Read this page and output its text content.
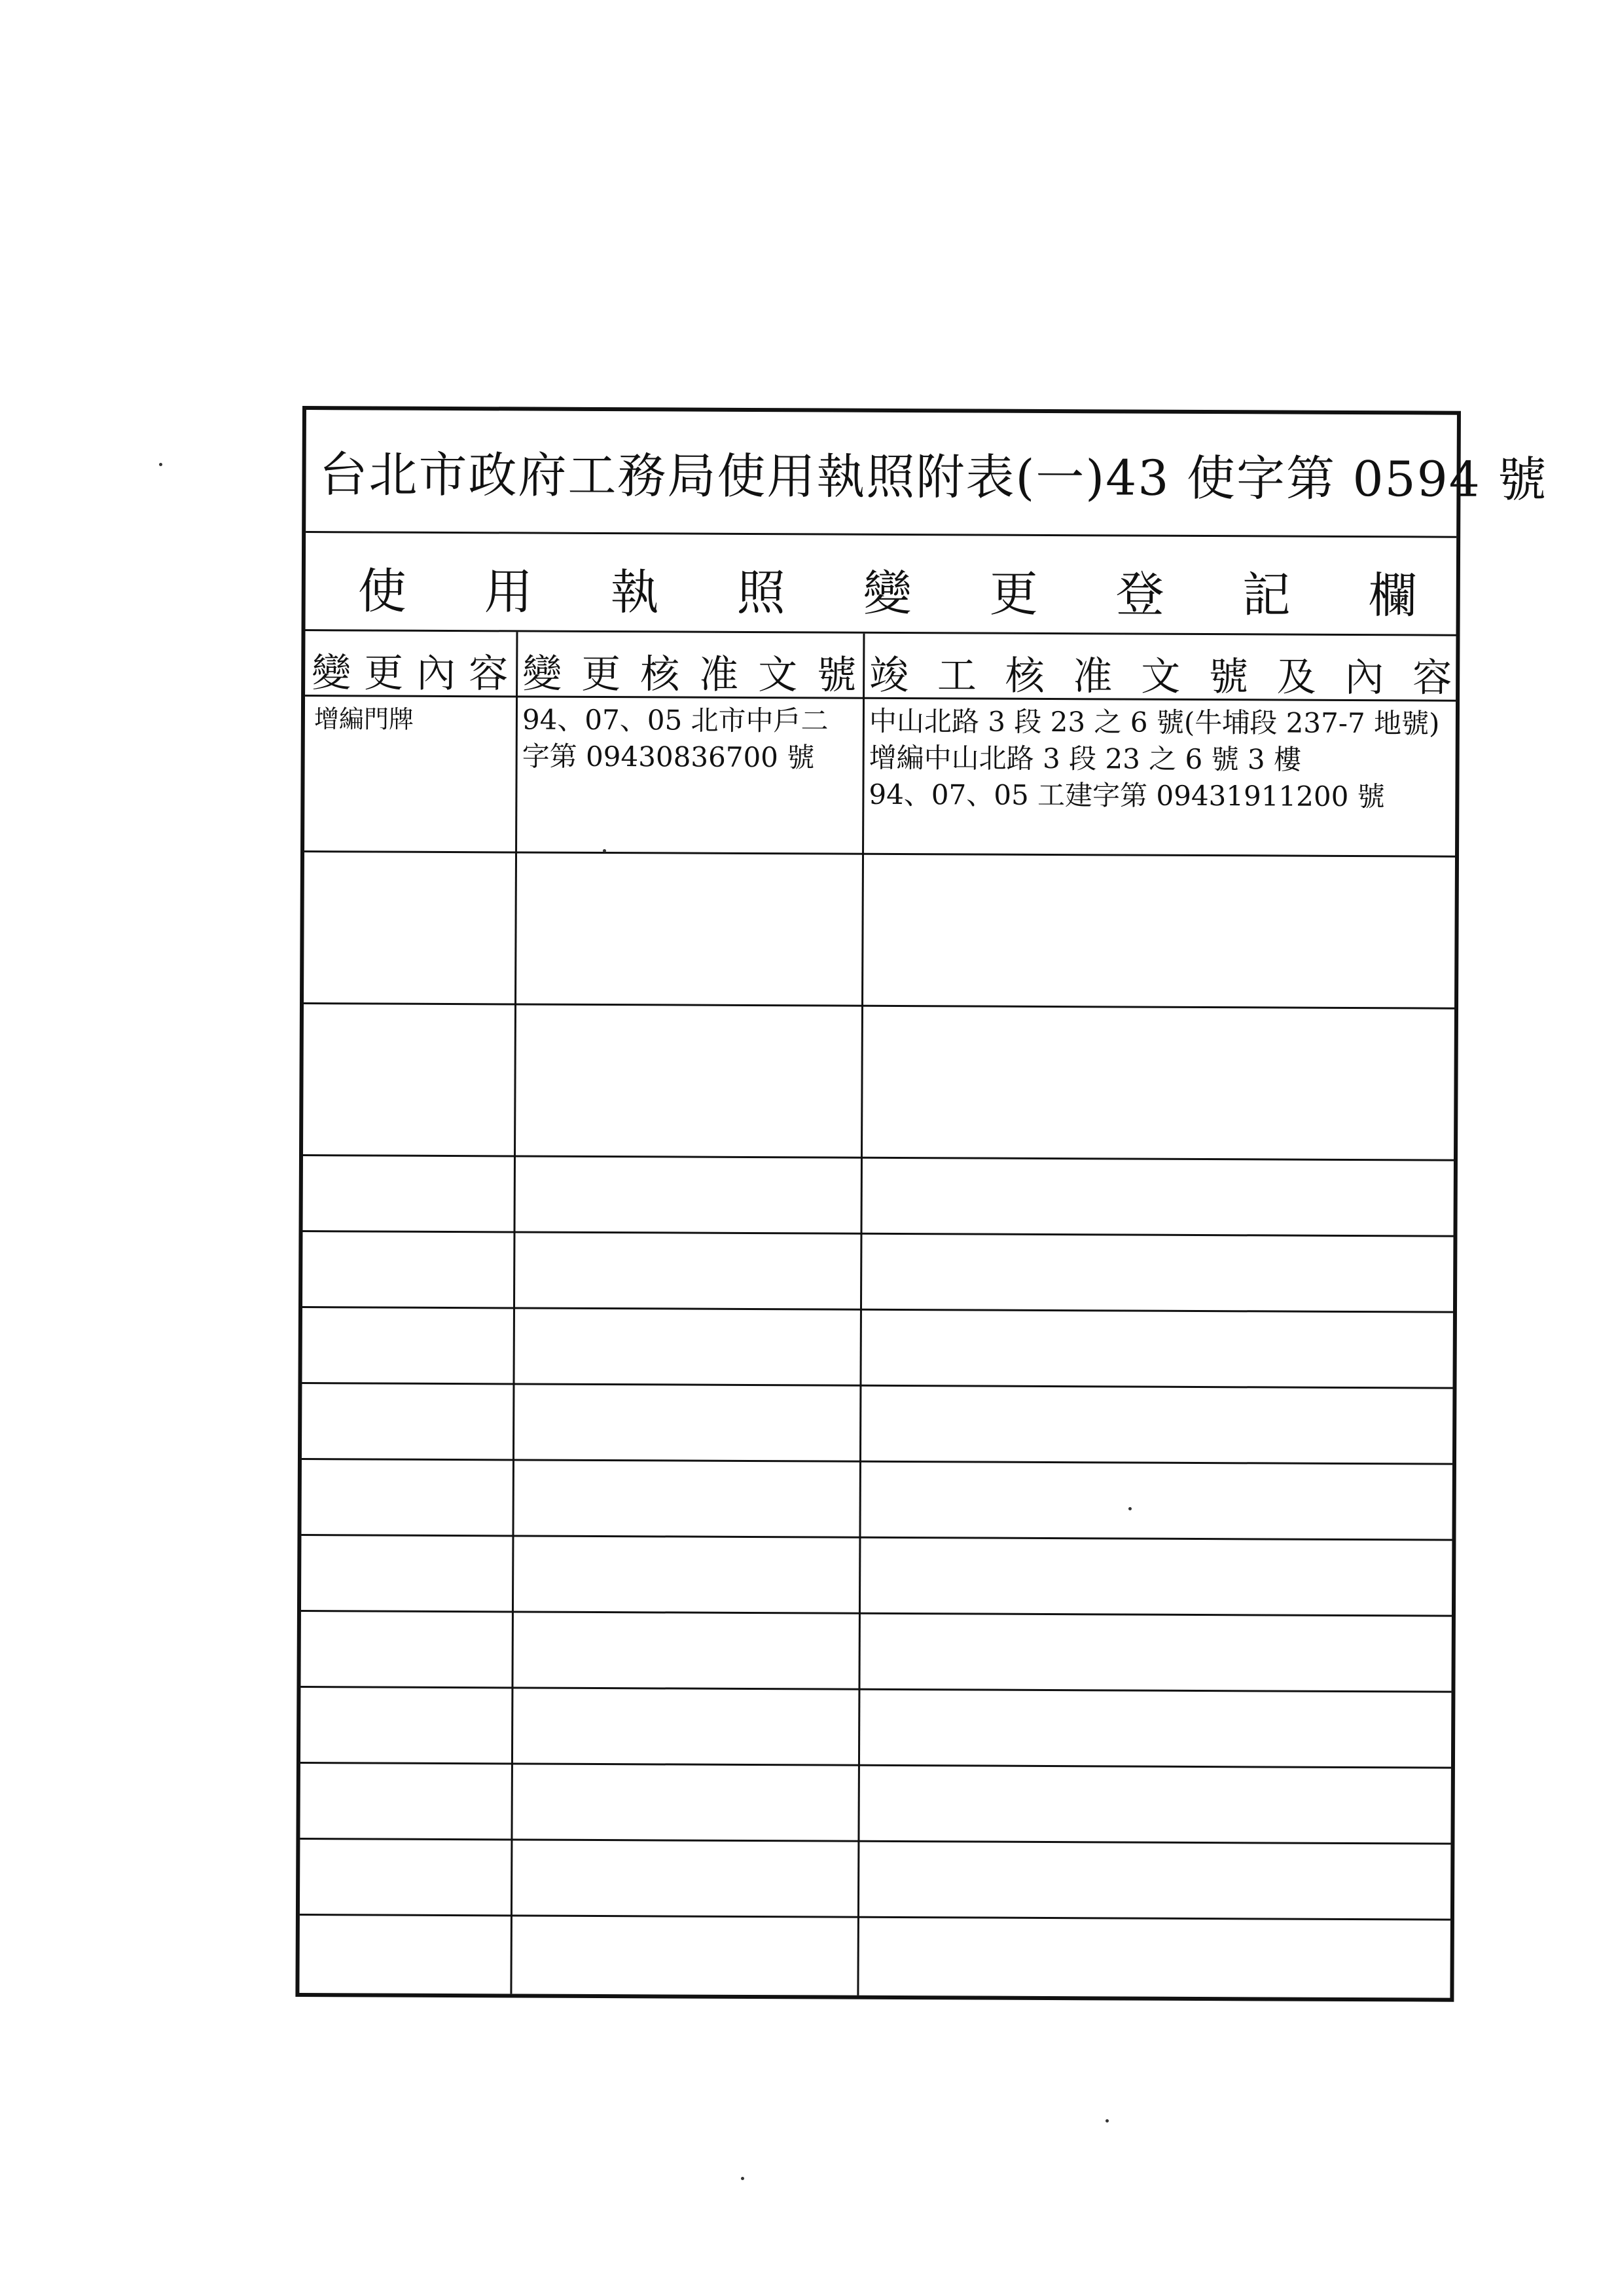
台北市政府工務局使用執照附表(一)43 使字第 0594 號
使 用 執 照 變 更 登 記 欄
變 更 內 容 變 更 核 准 文 號 竣 工 核 准 文 號 及 內 容
增編門牌	94、07、05 北市中戶二
字第 09430836700 號
中山北路 3 段 23 之 6 號(牛埔段 237-7 地號)
增編中山北路 3 段 23 之 6 號 3 樓
94、07、05 工建字第 09431911200 號
